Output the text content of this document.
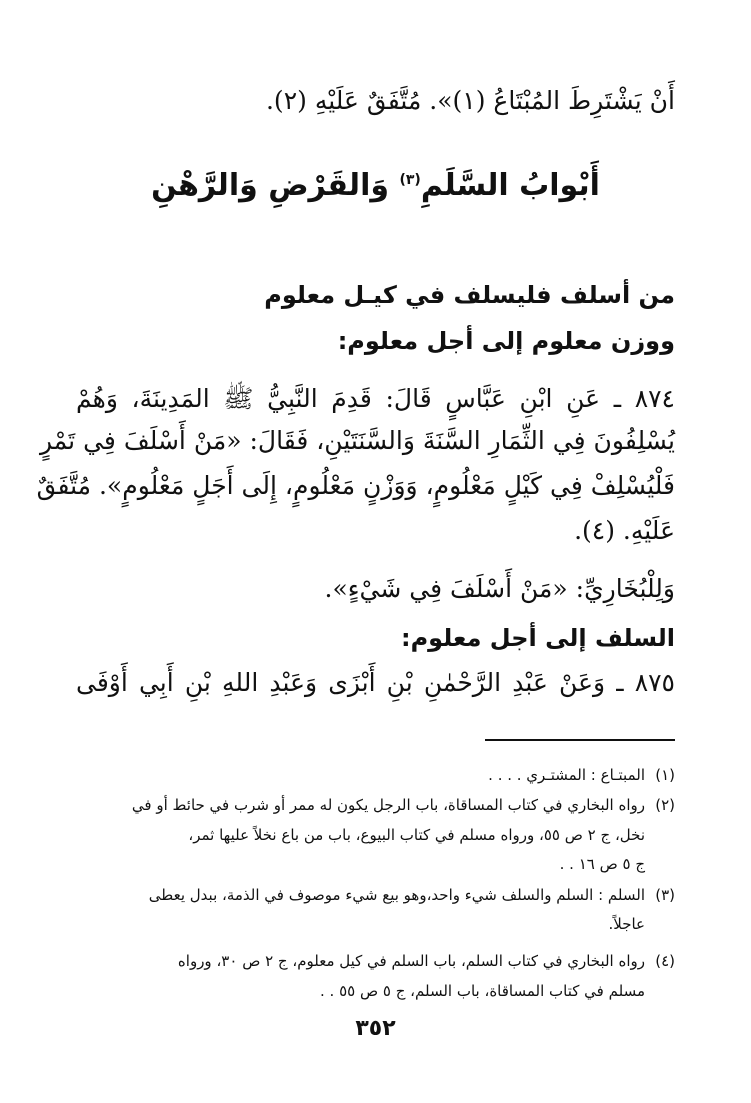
أَنْ يَشْتَرِطَ المُبْتَاعُ (١)». مُتَّفَقٌ عَلَيْهِ (٢).
أَبْوابُ السَّلَمِ$^{(٣)}$ وَالقَرْضِ وَالرَّهْنِ
من أسلف فليسلف في كيـل معلوم
ووزن معلوم إلى أجل معلوم:
٨٧٤ ـ عَنِ ابْنِ عَبَّاسٍ قَالَ: قَدِمَ النَّبِيُّ ﷺ المَدِينَةَ، وَهُمْ
يُسْلِفُونَ فِي الثِّمَارِ السَّنَةَ وَالسَّنَتَيْنِ، فَقَالَ: «مَنْ أَسْلَفَ فِي تَمْرٍ
فَلْيُسْلِفْ فِي كَيْلٍ مَعْلُومٍ، وَوَزْنٍ مَعْلُومٍ، إِلَى أَجَلٍ مَعْلُومٍ». مُتَّفَقٌ
عَلَيْهِ. (٤).
وَلِلْبُخَارِيِّ: «مَنْ أَسْلَفَ فِي شَيْءٍ».
السلف إلى أجل معلوم:
٨٧٥ ـ وَعَنْ عَبْدِ الرَّحْمٰنِ بْنِ أَبْزَى وَعَبْدِ اللهِ بْنِ أَبِي أَوْفَى
(١)المبتـاع : المشتـري . . . .
(٢)رواه البخاري في كتاب المساقاة، باب الرجل يكون له ممر أو شرب في حائط أو في
نخل، ج ٢ ص ٥٥، ورواه مسلم في كتاب البيوع، باب من باع نخلاً عليها ثمر،
ج ٥ ص ١٦ . .
(٣)السلم : السلم والسلف شيء واحد،وهو بيع شيء موصوف في الذمة، ببدل يعطى
عاجلاً.
(٤)رواه البخاري في كتاب السلم، باب السلم في كيل معلوم، ج ٢ ص ٣٠، ورواه
مسلم في كتاب المساقاة، باب السلم، ج ٥ ص ٥٥ . .
٣٥٢
